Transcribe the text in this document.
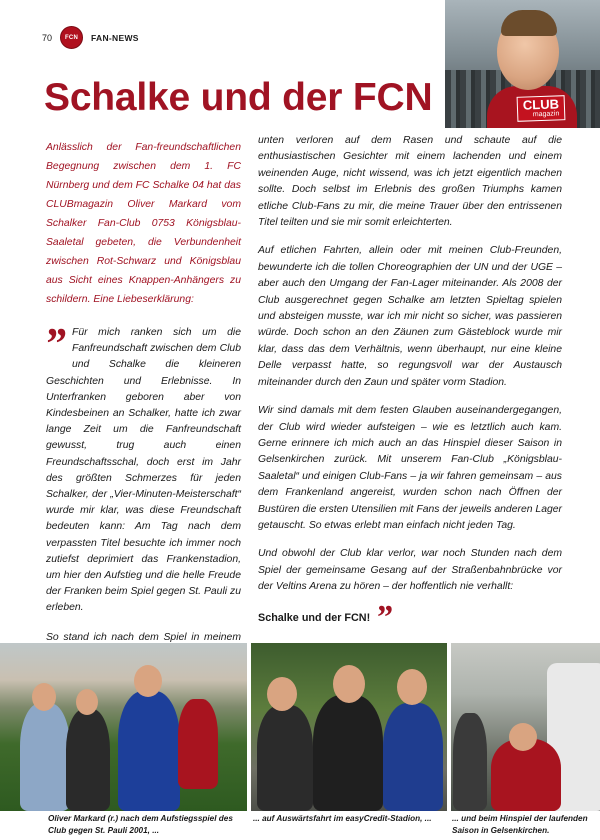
70 FCN FAN-NEWS
CLUB
magazin
Schalke und der FCN

Anlässlich der Fan-freundschaftlichen Begegnung zwischen dem 1. FC Nürnberg und dem FC Schalke 04 hat das CLUBmagazin Oliver Markard vom Schalker Fan-Club 0753 Königsblau-Saaletal gebeten, die Verbundenheit zwischen Rot-Schwarz und Königsblau aus Sicht eines Knappen-Anhängers zu schildern. Eine Liebeserklärung:

” Für mich ranken sich um die Fanfreundschaft zwischen dem Club und Schalke die kleineren Geschichten und Erlebnisse. In Unterfranken geboren aber von Kindesbeinen an Schalker, hatte ich zwar lange Zeit um die Fanfreundschaft gewusst, trug auch einen Freundschaftsschal, doch erst im Jahr des größten Schmerzes für jeden Schalker, der „Vier-Minuten-Meisterschaft“ wurde mir klar, was diese Freundschaft bedeuten kann: Am Tag nach dem verpassten Titel besuchte ich immer noch zutiefst deprimiert das Frankenstadion, um hier den Aufstieg und die helle Freude der Franken beim Spiel gegen St. Pauli zu erleben.

So stand ich nach dem Spiel in meinem

unten verloren auf dem Rasen und schaute auf die enthusiastischen Gesichter mit einem lachenden und einem weinenden Auge, nicht wissend, was ich jetzt eigentlich machen sollte. Doch selbst im Erlebnis des großen Triumphs kamen etliche Club-Fans zu mir, die meine Trauer über den entrissenen Titel teilten und sie mir somit erleichterten.

Auf etlichen Fahrten, allein oder mit meinen Club-Freunden, bewunderte ich die tollen Choreographien der UN und der UGE – aber auch den Umgang der Fan-Lager miteinander. Als 2008 der Club ausgerechnet gegen Schalke am letzten Spieltag spielen und absteigen musste, war ich mir nicht so sicher, was passieren würde. Doch schon an den Zäunen zum Gästeblock wurde mir klar, dass das dem Verhältnis, wenn überhaupt, nur eine kleine Delle verpasst hatte, so regungsvoll war der Austausch miteinander durch den Zaun und später vorm Stadion.

Wir sind damals mit dem festen Glauben auseinandergegangen, der Club wird wieder aufsteigen – wie es letztlich auch kam. Gerne erinnere ich mich auch an das Hinspiel dieser Saison in Gelsenkirchen zurück. Mit unserem Fan-Club „Königsblau-Saaletal“ und einigen Club-Fans – ja wir fahren gemeinsam – aus dem Frankenland angereist, wurden schon nach Öffnen der Bustüren die ersten Utensilien mit Fans der jeweils anderen Lager getauscht. So etwas erlebt man einfach nicht jeden Tag.

Und obwohl der Club klar verlor, war noch Stunden nach dem Spiel der gemeinsame Gesang auf der Straßenbahnbrücke vor der Veltins Arena zu hören – der hoffentlich nie verhallt:

Schalke und der FCN! ”

Oliver Markard (r.) nach dem Aufstiegsspiel des Club gegen St. Pauli 2001, ...

... auf Auswärtsfahrt im easyCredit-Stadion, ...	... und beim Hinspiel der laufenden Saison in Gelsenkirchen.
